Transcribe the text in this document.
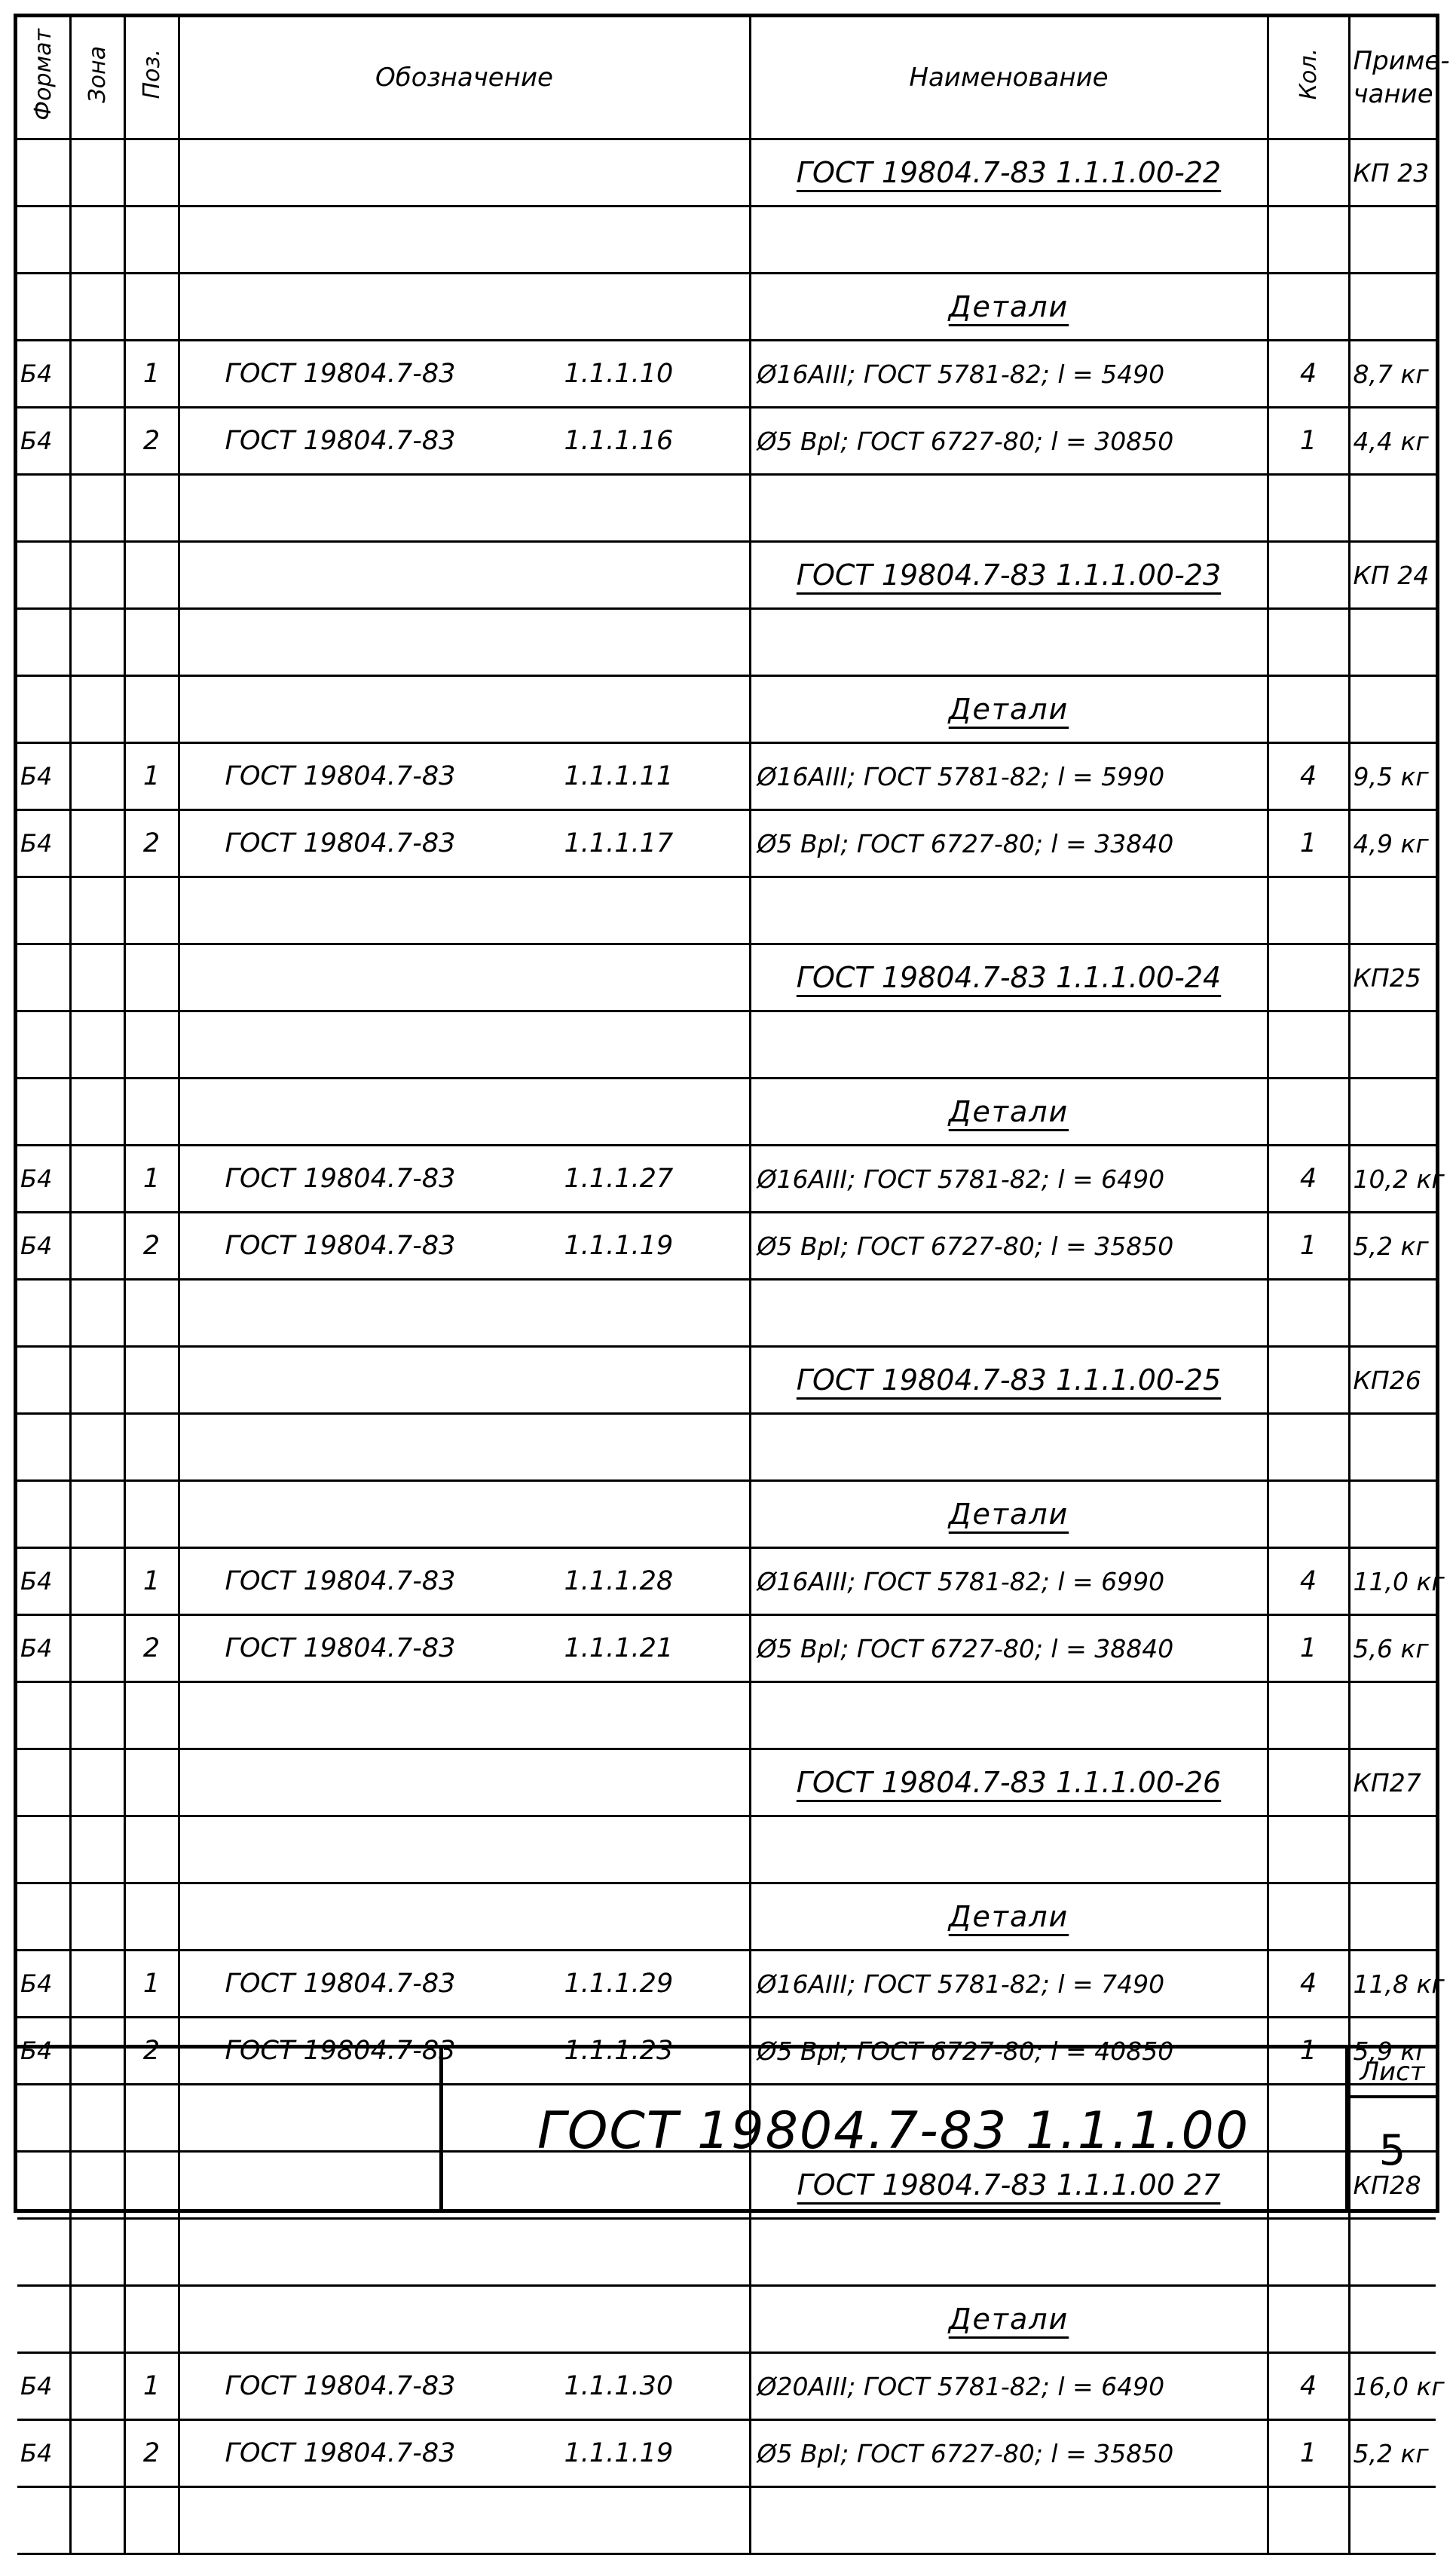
Формат	Зона	Поз.	Обозначение	Наименование	Кол.	Приме-
чание
				ГОСТ 19804.7-83 1.1.1.00-22		КП 23

				Детали		
Б4		1	ГОСТ 19804.7-83 1.1.1.10	Ø16АIII; ГОСТ 5781-82; l = 5490	4	8,7 кг
Б4		2	ГОСТ 19804.7-83 1.1.1.16	Ø5 ВрI; ГОСТ 6727-80; l = 30850	1	4,4 кг

				ГОСТ 19804.7-83 1.1.1.00-23		КП 24

				Детали		
Б4		1	ГОСТ 19804.7-83 1.1.1.11	Ø16АIII; ГОСТ 5781-82; l = 5990	4	9,5 кг
Б4		2	ГОСТ 19804.7-83 1.1.1.17	Ø5 ВрI; ГОСТ 6727-80; l = 33840	1	4,9 кг

				ГОСТ 19804.7-83 1.1.1.00-24		КП25

				Детали		
Б4		1	ГОСТ 19804.7-83 1.1.1.27	Ø16АIII; ГОСТ 5781-82; l = 6490	4	10,2 кг
Б4		2	ГОСТ 19804.7-83 1.1.1.19	Ø5 ВрI; ГОСТ 6727-80; l = 35850	1	5,2 кг

				ГОСТ 19804.7-83 1.1.1.00-25		КП26

				Детали		
Б4		1	ГОСТ 19804.7-83 1.1.1.28	Ø16АIII; ГОСТ 5781-82; l = 6990	4	11,0 кг
Б4		2	ГОСТ 19804.7-83 1.1.1.21	Ø5 ВрI; ГОСТ 6727-80; l = 38840	1	5,6 кг

				ГОСТ 19804.7-83 1.1.1.00-26		КП27

				Детали		
Б4		1	ГОСТ 19804.7-83 1.1.1.29	Ø16АIII; ГОСТ 5781-82; l = 7490	4	11,8 кг
Б4		2	ГОСТ 19804.7-83 1.1.1.23	Ø5 ВрI; ГОСТ 6727-80; l = 40850	1	5,9 кг

				ГОСТ 19804.7-83 1.1.1.00 27		КП28

				Детали		
Б4		1	ГОСТ 19804.7-83 1.1.1.30	Ø20АIII; ГОСТ 5781-82; l = 6490	4	16,0 кг
Б4		2	ГОСТ 19804.7-83 1.1.1.19	Ø5 ВрI; ГОСТ 6727-80; l = 35850	1	5,2 кг

ГОСТ 19804.7-83 1.1.1.00
Лист
5
